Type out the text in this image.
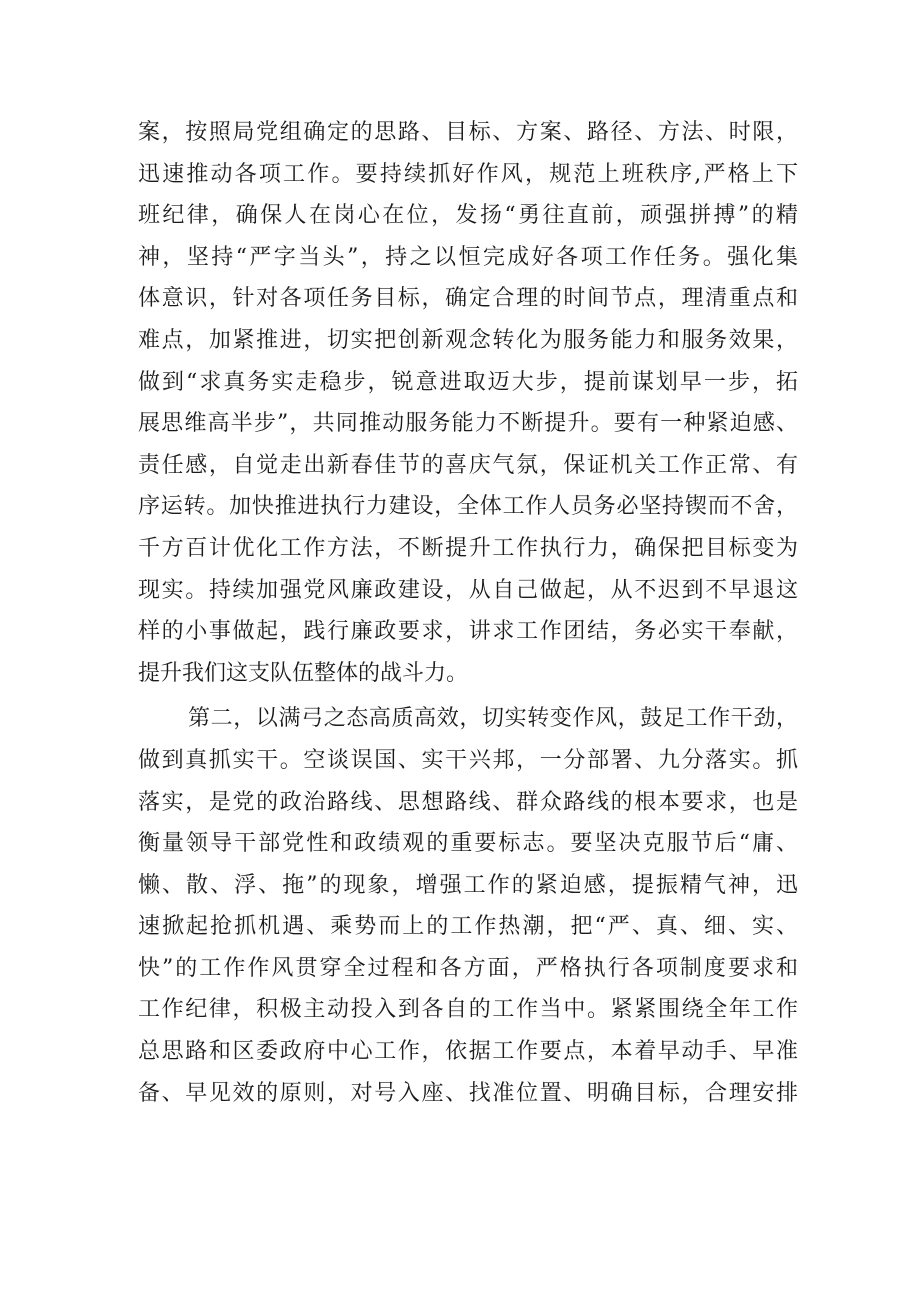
案，按照局党组确定的思路、目标、方案、路径、方法、时限，
迅速推动各项工作。要持续抓好作风，规范上班秩序,严格上下
班纪律，确保人在岗心在位，发扬“勇往直前，顽强拼搏”的精
神，坚持“严字当头”，持之以恒完成好各项工作任务。强化集
体意识，针对各项任务目标，确定合理的时间节点，理清重点和
难点，加紧推进，切实把创新观念转化为服务能力和服务效果，
做到“求真务实走稳步，锐意进取迈大步，提前谋划早一步，拓
展思维高半步”，共同推动服务能力不断提升。要有一种紧迫感、
责任感，自觉走出新春佳节的喜庆气氛，保证机关工作正常、有
序运转。加快推进执行力建设，全体工作人员务必坚持锲而不舍，
千方百计优化工作方法，不断提升工作执行力，确保把目标变为
现实。持续加强党风廉政建设，从自己做起，从不迟到不早退这
样的小事做起，践行廉政要求，讲求工作团结，务必实干奉献，
提升我们这支队伍整体的战斗力。
第二，以满弓之态高质高效，切实转变作风，鼓足工作干劲，
做到真抓实干。空谈误国、实干兴邦，一分部署、九分落实。抓
落实，是党的政治路线、思想路线、群众路线的根本要求，也是
衡量领导干部党性和政绩观的重要标志。要坚决克服节后“庸、
懒、散、浮、拖”的现象，增强工作的紧迫感，提振精气神，迅
速掀起抢抓机遇、乘势而上的工作热潮，把“严、真、细、实、
快”的工作作风贯穿全过程和各方面，严格执行各项制度要求和
工作纪律，积极主动投入到各自的工作当中。紧紧围绕全年工作
总思路和区委政府中心工作，依据工作要点，本着早动手、早准
备、早见效的原则，对号入座、找准位置、明确目标，合理安排
